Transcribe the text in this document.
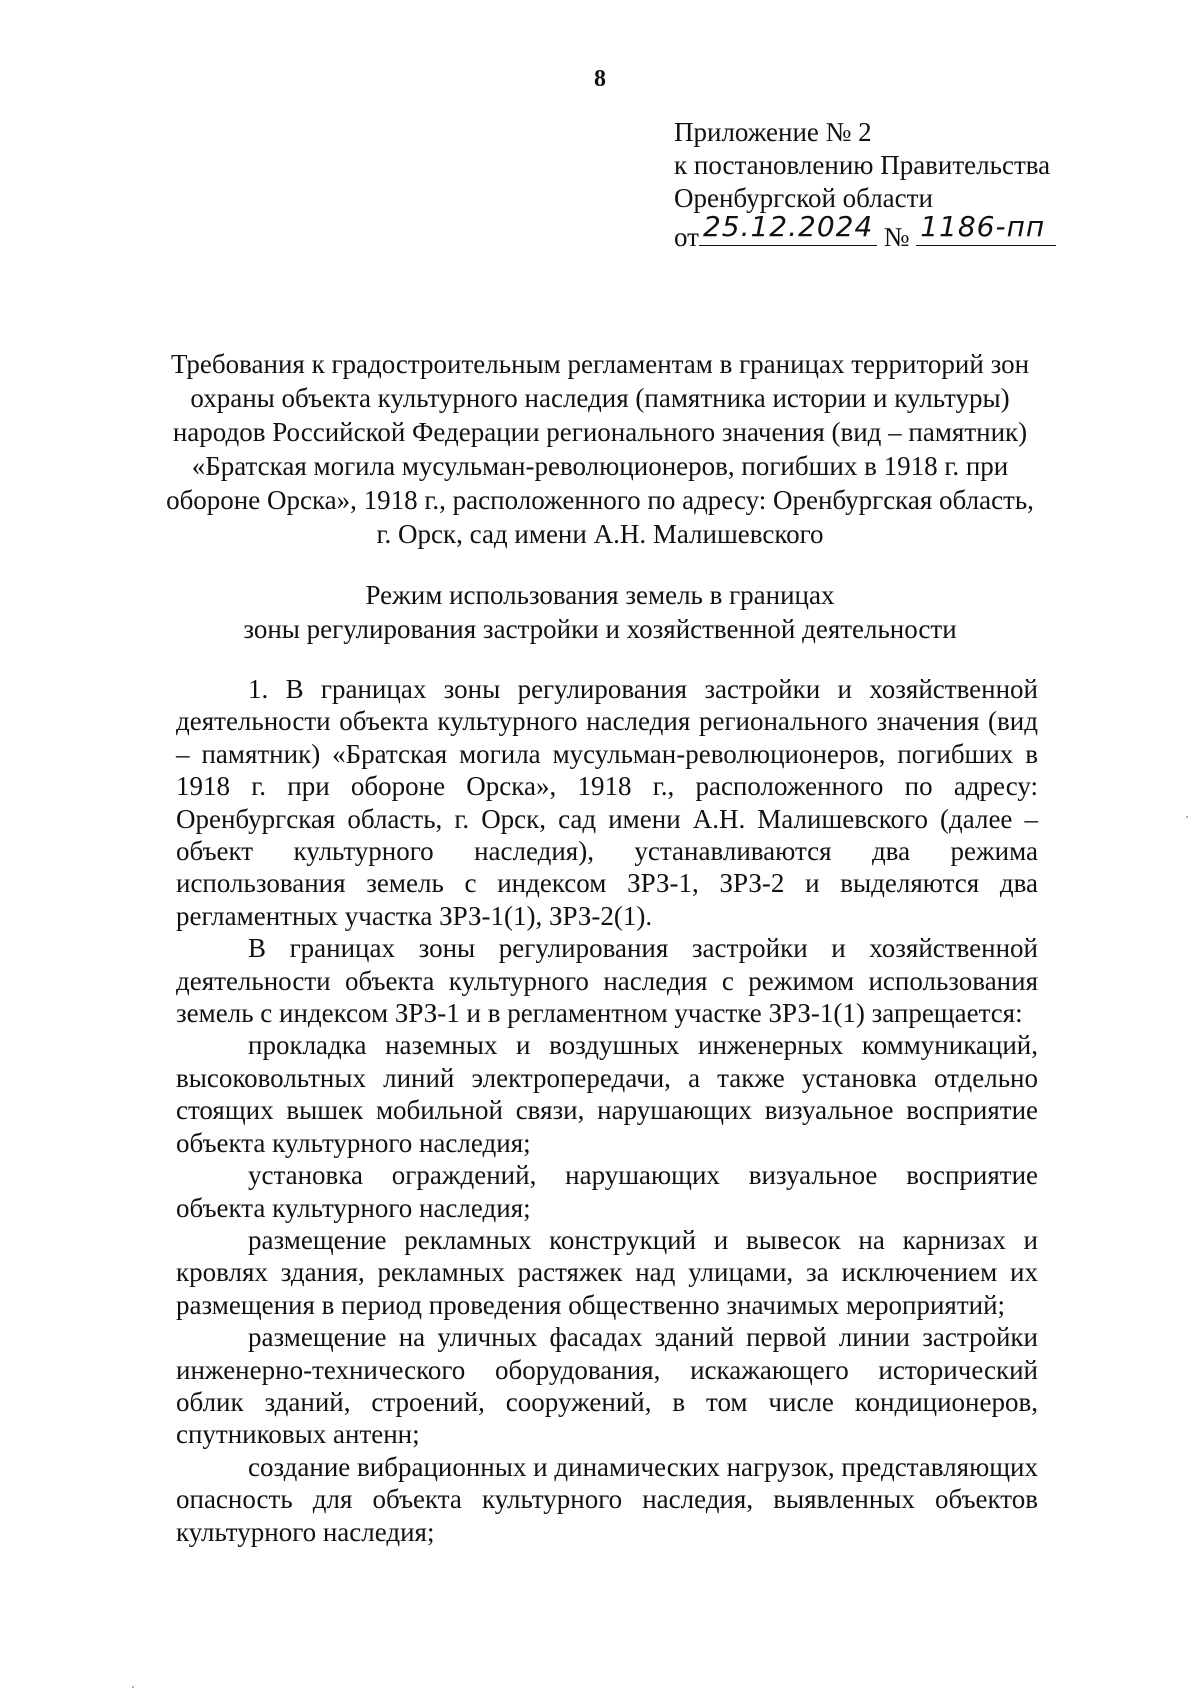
8
Приложение № 2
к постановлению Правительства
Оренбургской области
от 25.12.2024 № 1186-пп
Требования к градостроительным регламентам в границах территорий зон
охраны объекта культурного наследия (памятника истории и культуры)
народов Российской Федерации регионального значения (вид – памятник)
«Братская могила мусульман-революционеров, погибших в 1918 г. при
обороне Орска», 1918 г., расположенного по адресу: Оренбургская область,
г. Орск, сад имени А.Н. Малишевского
Режим использования земель в границах
зоны регулирования застройки и хозяйственной деятельности

1. В границах зоны регулирования застройки и хозяйственной деятельности объекта культурного наследия регионального значения (вид – памятник) «Братская могила мусульман-революционеров, погибших в 1918 г. при обороне Орска», 1918 г., расположенного по адресу: Оренбургская область, г. Орск, сад имени А.Н. Малишевского (далее – объект культурного наследия), устанавливаются два режима использования земель с индексом ЗРЗ-1, ЗРЗ-2 и выделяются два регламентных участка ЗРЗ-1(1), ЗРЗ-2(1).

В границах зоны регулирования застройки и хозяйственной деятельности объекта культурного наследия с режимом использования земель с индексом ЗРЗ-1 и в регламентном участке ЗРЗ-1(1) запрещается:

прокладка наземных и воздушных инженерных коммуникаций, высоковольтных линий электропередачи, а также установка отдельно стоящих вышек мобильной связи, нарушающих визуальное восприятие объекта культурного наследия;

установка ограждений, нарушающих визуальное восприятие объекта культурного наследия;

размещение рекламных конструкций и вывесок на карнизах и кровлях здания, рекламных растяжек над улицами, за исключением их размещения в период проведения общественно значимых мероприятий;

размещение на уличных фасадах зданий первой линии застройки инженерно-технического оборудования, искажающего исторический облик зданий, строений, сооружений, в том числе кондиционеров, спутниковых антенн;

создание вибрационных и динамических нагрузок, представляющих опасность для объекта культурного наследия, выявленных объектов культурного наследия;
